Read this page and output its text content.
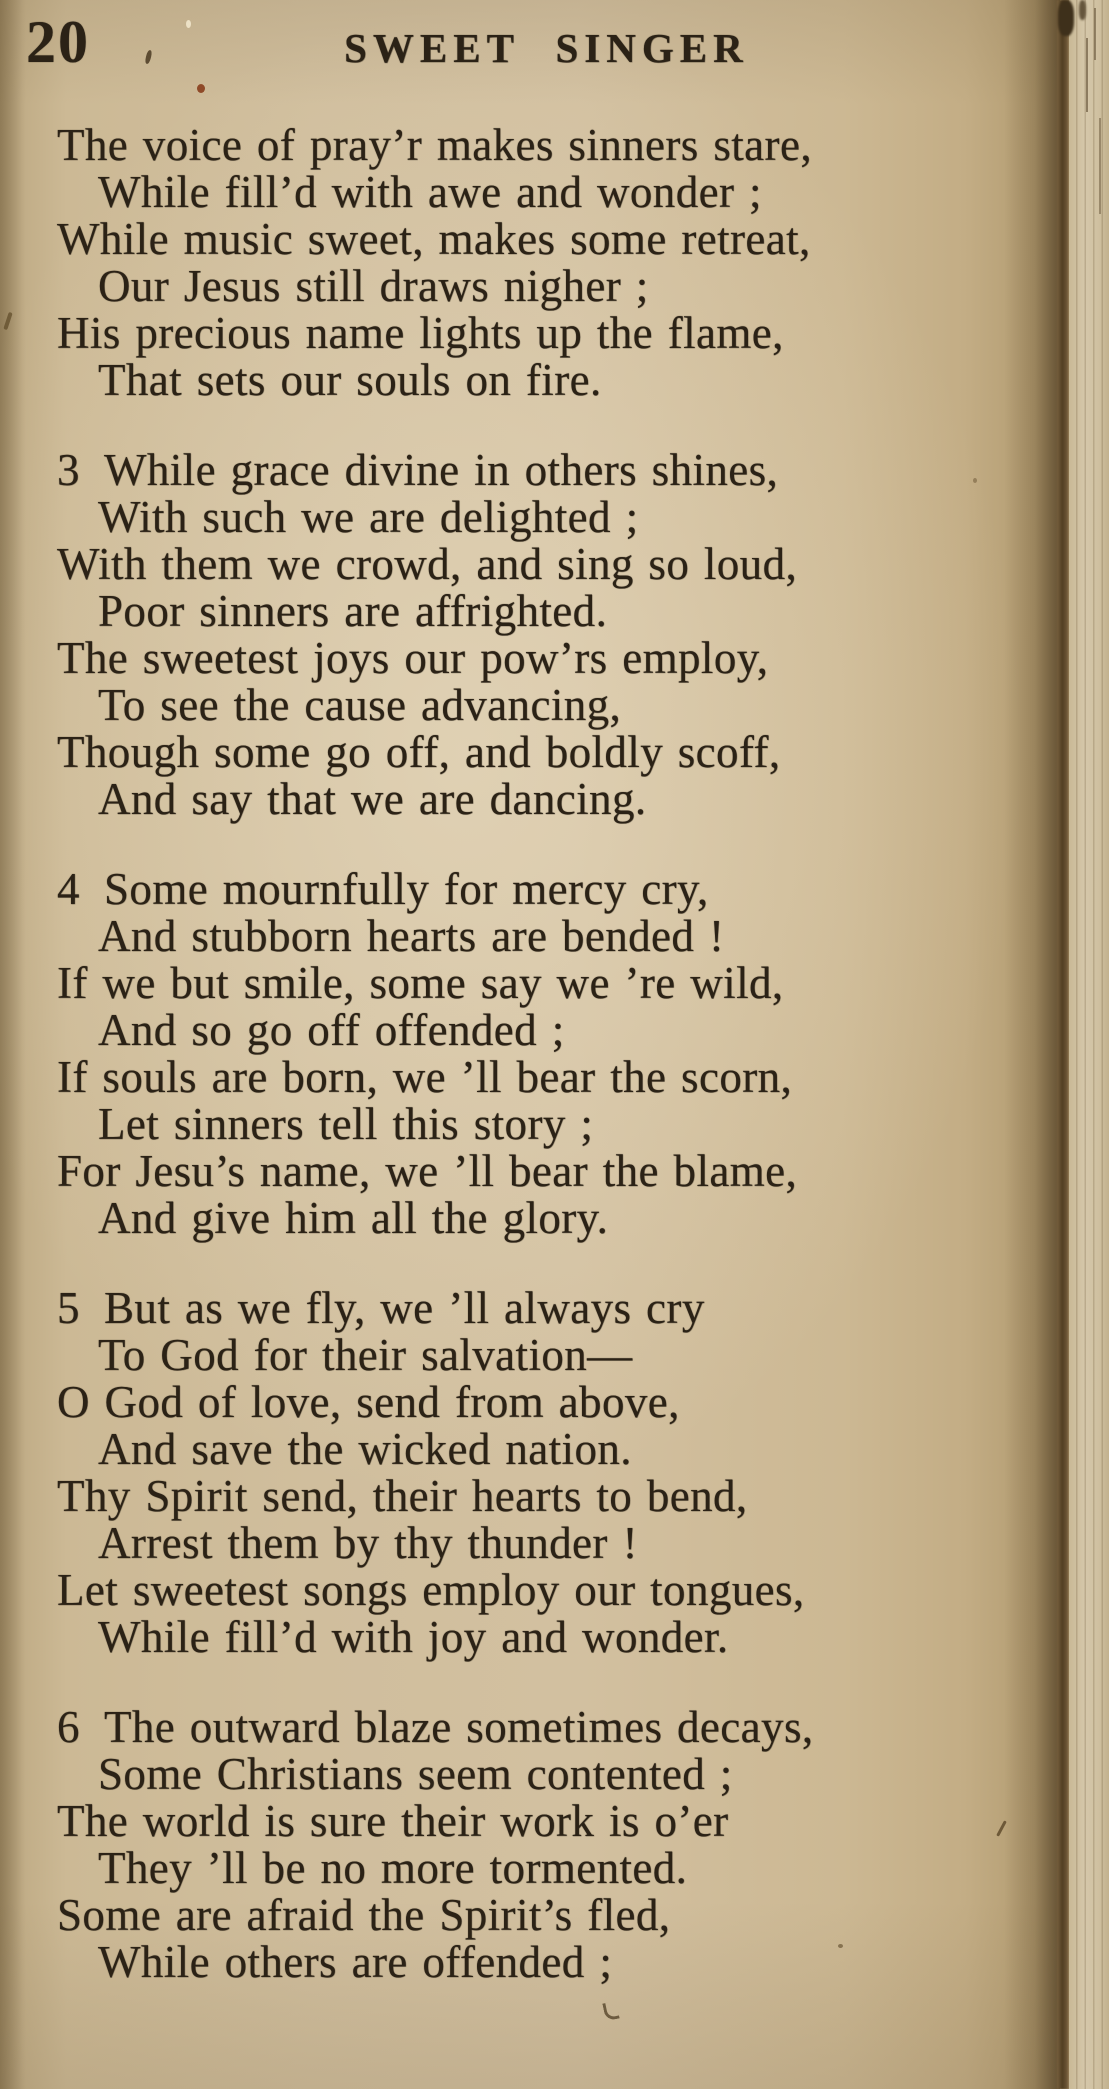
20	SWEET SINGER
The voice of pray’r makes sinners stare,
While fill’d with awe and wonder ;
While music sweet, makes some retreat,
Our Jesus still draws nigher ;
His precious name lights up the flame,
That sets our souls on fire.
3 While grace divine in others shines,
With such we are delighted ;
With them we crowd, and sing so loud,
Poor sinners are affrighted.
The sweetest joys our pow’rs employ,
To see the cause advancing,
Though some go off, and boldly scoff,
And say that we are dancing.
4 Some mournfully for mercy cry,
And stubborn hearts are bended !
If we but smile, some say we ’re wild,
And so go off offended ;
If souls are born, we ’ll bear the scorn,
Let sinners tell this story ;
For Jesu’s name, we ’ll bear the blame,
And give him all the glory.
5 But as we fly, we ’ll always cry
To God for their salvation—
O God of love, send from above,
And save the wicked nation.
Thy Spirit send, their hearts to bend,
Arrest them by thy thunder !
Let sweetest songs employ our tongues,
While fill’d with joy and wonder.
6 The outward blaze sometimes decays,
Some Christians seem contented ;
The world is sure their work is o’er
They ’ll be no more tormented.
Some are afraid the Spirit’s fled,
While others are offended ;
